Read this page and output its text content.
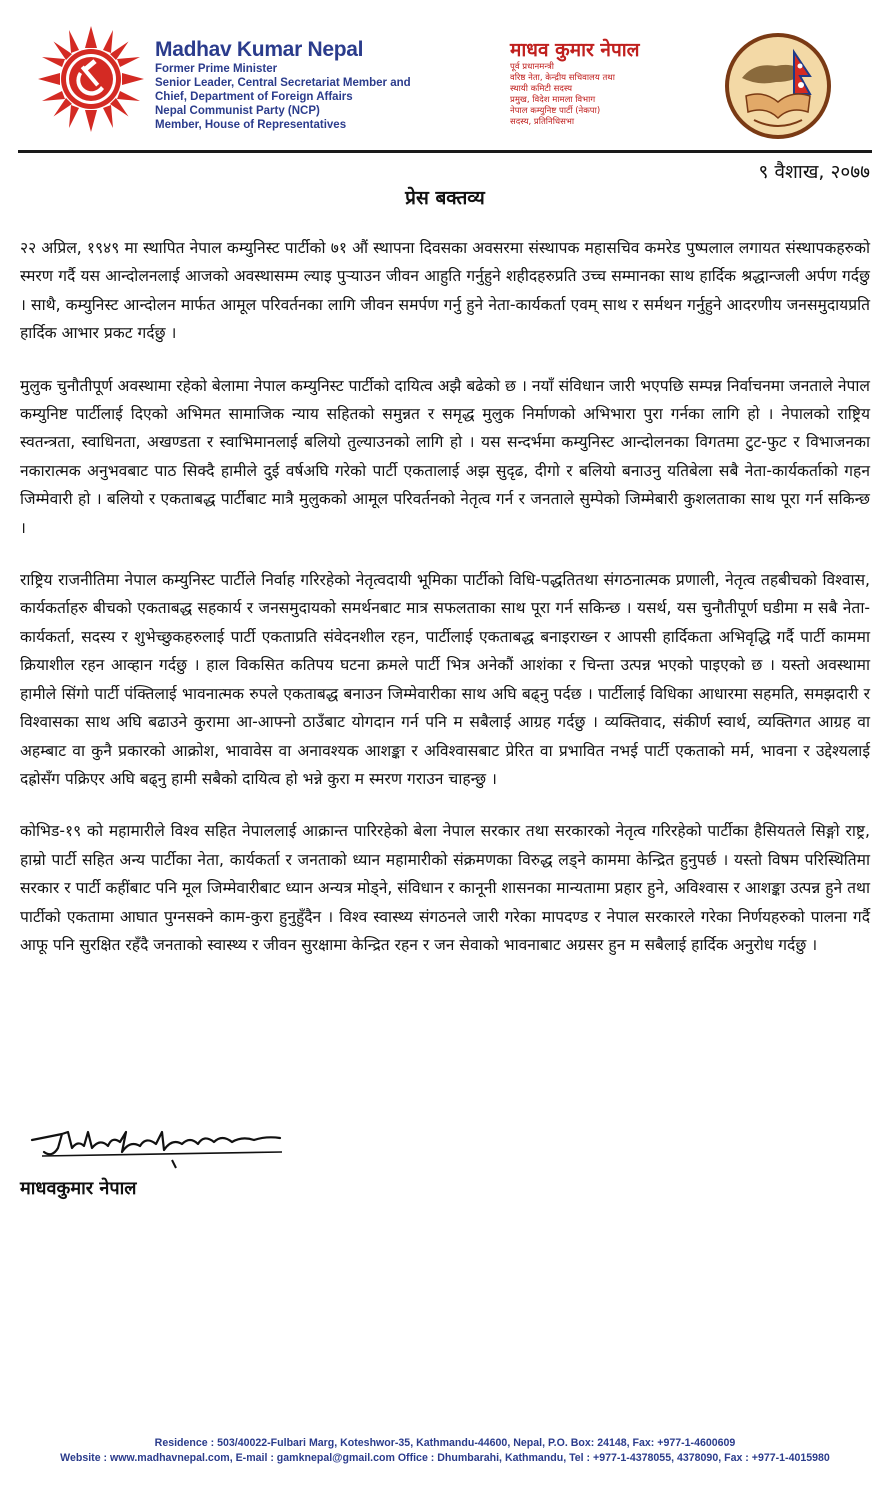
Madhav Kumar Nepal
Former Prime Minister
Senior Leader, Central Secretariat Member and
Chief, Department of Foreign Affairs
Nepal Communist Party (NCP)
Member, House of Representatives
माधव कुमार नेपाल
पूर्व प्रधानमन्त्री
वरिष्ठ नेता, केन्द्रीय सचिवालय तथा
स्थायी कमिटी सदस्य
प्रमुख, विदेश मामला विभाग
नेपाल कम्युनिष्ट पार्टी (नेकपा)
सदस्य, प्रतिनिधिसभा
९ वैशाख, २०७७
प्रेस बक्तव्य

२२ अप्रिल, १९४९ मा स्थापित नेपाल कम्युनिस्ट पार्टीको ७१ औं स्थापना दिवसका अवसरमा संस्थापक महासचिव कमरेड पुष्पलाल लगायत संस्थापकहरुको स्मरण गर्दै यस आन्दोलनलाई आजको अवस्थासम्म ल्याइ पुऱ्याउन जीवन आहुति गर्नुहुने शहीदहरुप्रति उच्च सम्मानका साथ हार्दिक श्रद्धान्जली अर्पण गर्दछु । साथै, कम्युनिस्ट आन्दोलन मार्फत आमूल परिवर्तनका लागि जीवन समर्पण गर्नु हुने नेता-कार्यकर्ता एवम् साथ र सर्मथन गर्नुहुने आदरणीय जनसमुदायप्रति हार्दिक आभार प्रकट गर्दछु ।

मुलुक चुनौतीपूर्ण अवस्थामा रहेको बेलामा नेपाल कम्युनिस्ट पार्टीको दायित्व अझै बढेको छ । नयाँ संविधान जारी भएपछि सम्पन्न निर्वाचनमा जनताले नेपाल कम्युनिष्ट पार्टीलाई दिएको अभिमत सामाजिक न्याय सहितको समुन्नत र समृद्ध मुलुक निर्माणको अभिभारा पुरा गर्नका लागि हो । नेपालको राष्ट्रिय स्वतन्त्रता, स्वाधिनता, अखण्डता र स्वाभिमानलाई बलियो तुल्याउनको लागि हो । यस सन्दर्भमा कम्युनिस्ट आन्दोलनका विगतमा टुट-फुट र विभाजनका नकारात्मक अनुभवबाट पाठ सिक्दै हामीले दुई वर्षअघि गरेको पार्टी एकतालाई अझ सुदृढ, दीगो र बलियो बनाउनु यतिबेला सबै नेता-कार्यकर्ताको गहन जिम्मेवारी हो । बलियो र एकताबद्ध पार्टीबाट मात्रै मुलुकको आमूल परिवर्तनको नेतृत्व गर्न र जनताले सुम्पेको जिम्मेबारी कुशलताका साथ पूरा गर्न सकिन्छ ।

राष्ट्रिय राजनीतिमा नेपाल कम्युनिस्ट पार्टीले निर्वाह गरिरहेको नेतृत्वदायी भूमिका पार्टीको विधि-पद्धतितथा संगठनात्मक प्रणाली, नेतृत्व तहबीचको विश्वास, कार्यकर्ताहरु बीचको एकताबद्ध सहकार्य र जनसमुदायको समर्थनबाट मात्र सफलताका साथ पूरा गर्न सकिन्छ । यसर्थ, यस चुनौतीपूर्ण घडीमा म सबै नेता-कार्यकर्ता, सदस्य र शुभेच्छुकहरुलाई पार्टी एकताप्रति संवेदनशील रहन, पार्टीलाई एकताबद्ध बनाइराख्न र आपसी हार्दिकता अभिवृद्धि गर्दै पार्टी काममा क्रियाशील रहन आव्हान गर्दछु । हाल विकसित कतिपय घटना क्रमले पार्टी भित्र अनेकौं आशंका र चिन्ता उत्पन्न भएको पाइएको छ । यस्तो अवस्थामा हामीले सिंगो पार्टी पंक्तिलाई भावनात्मक रुपले एकताबद्ध बनाउन जिम्मेवारीका साथ अघि बढ्नु पर्दछ । पार्टीलाई विधिका आधारमा सहमति, समझदारी र विश्वासका साथ अघि बढाउने कुरामा आ-आफ्नो ठाउँबाट योगदान गर्न पनि म सबैलाई आग्रह गर्दछु । व्यक्तिवाद, संकीर्ण स्वार्थ, व्यक्तिगत आग्रह वा अहम्बाट वा कुनै प्रकारको आक्रोश, भावावेस वा अनावश्यक आशङ्का र अविश्वासबाट प्रेरित वा प्रभावित नभई पार्टी एकताको मर्म, भावना र उद्देश्यलाई दह्रोसँग पक्रिएर अघि बढ्नु हामी सबैको दायित्व हो भन्ने कुरा म स्मरण गराउन चाहन्छु ।

कोभिड-१९ को महामारीले विश्व सहित नेपाललाई आक्रान्त पारिरहेको बेला नेपाल सरकार तथा सरकारको नेतृत्व गरिरहेको पार्टीका हैसियतले सिङ्गो राष्ट्र, हाम्रो पार्टी सहित अन्य पार्टीका नेता, कार्यकर्ता र जनताको ध्यान महामारीको संक्रमणका विरुद्ध लड्ने काममा केन्द्रित हुनुपर्छ । यस्तो विषम परिस्थितिमा सरकार र पार्टी कहींबाट पनि मूल जिम्मेवारीबाट ध्यान अन्यत्र मोड्ने, संविधान र कानूनी शासनका मान्यतामा प्रहार हुने, अविश्वास र आशङ्का उत्पन्न हुने तथा पार्टीको एकतामा आघात पुग्नसक्ने काम-कुरा हुनुहुँदैन । विश्व स्वास्थ्य संगठनले जारी गरेका मापदण्ड र नेपाल सरकारले गरेका निर्णयहरुको पालना गर्दै आफू पनि सुरक्षित रहँदै जनताको स्वास्थ्य र जीवन सुरक्षामा केन्द्रित रहन र जन सेवाको भावनाबाट अग्रसर हुन म सबैलाई हार्दिक अनुरोध गर्दछु ।

माधवकुमार नेपाल
Residence : 503/40022-Fulbari Marg, Koteshwor-35, Kathmandu-44600, Nepal, P.O. Box: 24148, Fax: +977-1-4600609
Website : www.madhavnepal.com, E-mail : gamknepal@gmail.com Office : Dhumbarahi, Kathmandu, Tel : +977-1-4378055, 4378090, Fax : +977-1-4015980
